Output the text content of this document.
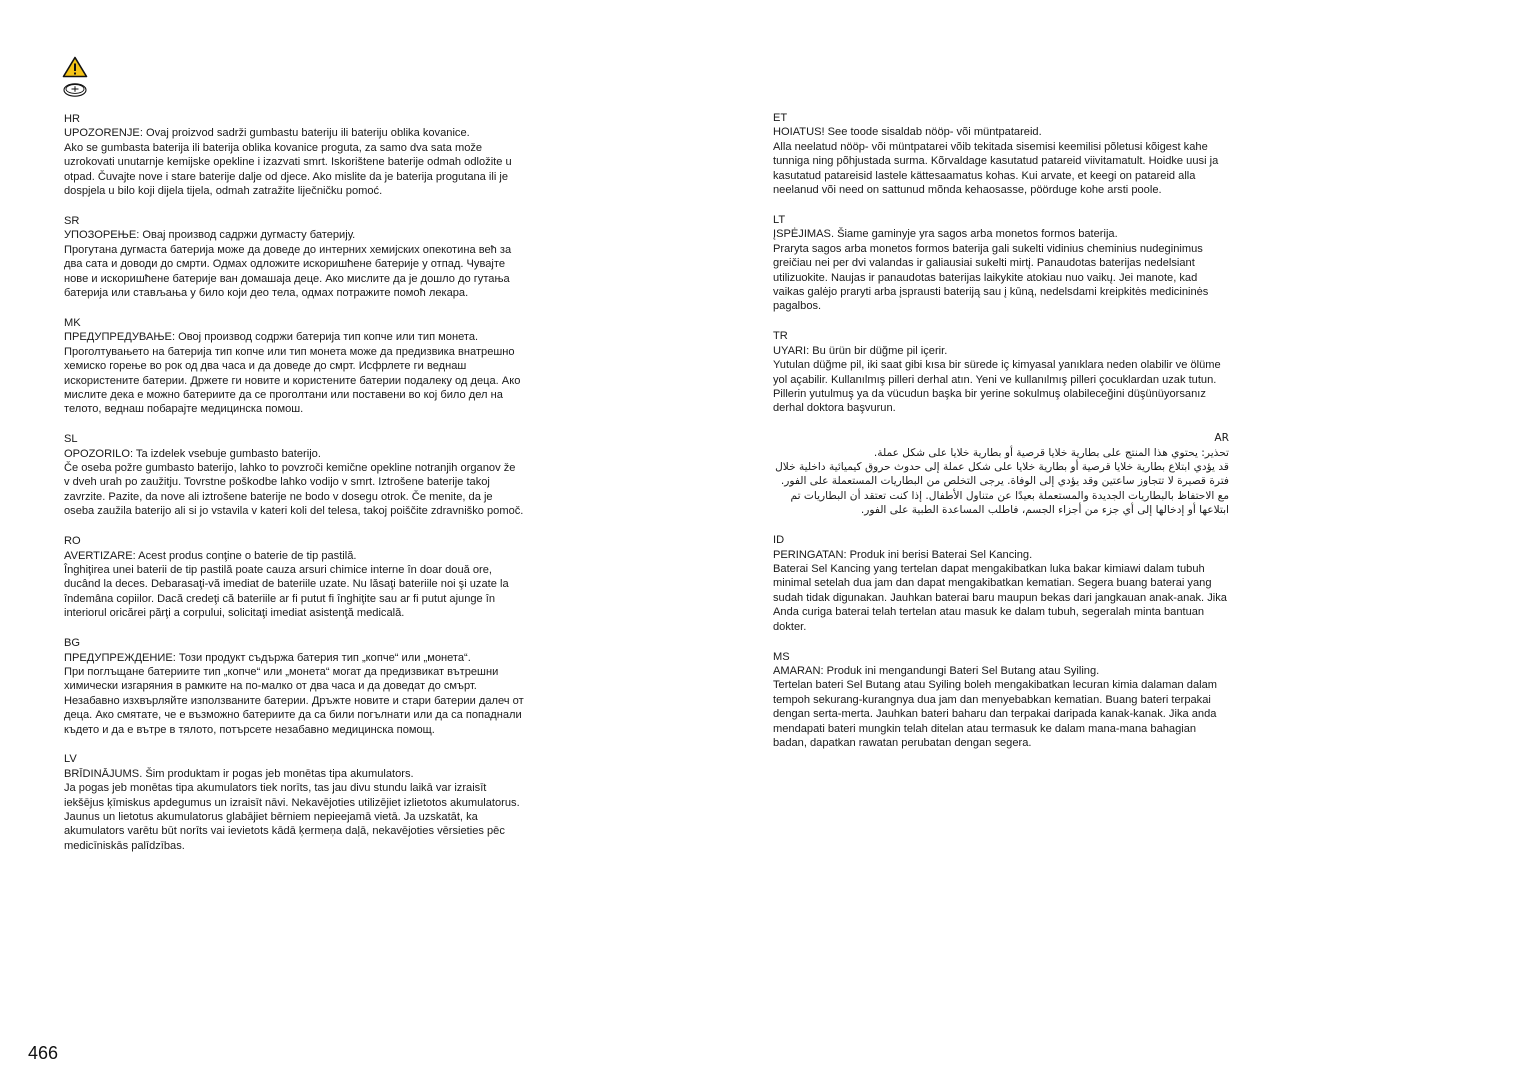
HR
UPOZORENJE: Ovaj proizvod sadrži gumbastu bateriju ili bateriju oblika kovanice.
Ako se gumbasta baterija ili baterija oblika kovanice proguta, za samo dva sata može uzrokovati unutarnje kemijske opekline i izazvati smrt. Iskorištene baterije odmah odložite u otpad. Čuvajte nove i stare baterije dalje od djece. Ako mislite da je baterija progutana ili je dospjela u bilo koji dijela tijela, odmah zatražite liječničku pomoć.
SR
УПОЗОРЕЊЕ: Овај производ садржи дугмасту батерију.
Прогутана дугмаста батерија може да доведе до интерних хемијских опекотина већ за два сата и доводи до смрти. Одмах одложите искоришћене батерије у отпад. Чувајте нове и искоришћене батерије ван домашаја деце. Ако мислите да је дошло до гутања батерија или стављања у било који део тела, одмах потражите помоћ лекара.
MK
ПРЕДУПРЕДУВАЊЕ: Овој производ содржи батерија тип копче или тип монета.
Проголтувањето на батерија тип копче или тип монета може да предизвика внатрешно хемиско горење во рок од два часа и да доведе до смрт. Исфрлете ги веднаш искористените батерии. Држете ги новите и користените батерии подалеку од деца. Ако мислите дека е можно батериите да се проголтани или поставени во кој било дел на телото, веднаш побарајте медицинска помош.
SL
OPOZORILO: Ta izdelek vsebuje gumbasto baterijo.
Če oseba požre gumbasto baterijo, lahko to povzroči kemične opekline notranjih organov že v dveh urah po zaužitju. Tovrstne poškodbe lahko vodijo v smrt. Iztrošene baterije takoj zavrzite. Pazite, da nove ali iztrošene baterije ne bodo v dosegu otrok. Če menite, da je oseba zaužila baterijo ali si jo vstavila v kateri koli del telesa, takoj poiščite zdravniško pomoč.
RO
AVERTIZARE: Acest produs conţine o baterie de tip pastilă.
Înghiţirea unei baterii de tip pastilă poate cauza arsuri chimice interne în doar două ore, ducând la deces. Debarasaţi-vă imediat de bateriile uzate. Nu lăsaţi bateriile noi şi uzate la îndemâna copiilor. Dacă credeţi că bateriile ar fi putut fi înghiţite sau ar fi putut ajunge în interiorul oricărei părţi a corpului, solicitaţi imediat asistenţă medicală.
BG
ПРЕДУПРЕЖДЕНИЕ: Този продукт съдържа батерия тип „копче“ или „монета“.
При поглъщане батериите тип „копче“ или „монета“ могат да предизвикат вътрешни химически изгаряния в рамките на по-малко от два часа и да доведат до смърт. Незабавно изхвърляйте използваните батерии. Дръжте новите и стари батерии далеч от деца. Ако смятате, че е възможно батериите да са били погълнати или да са попаднали където и да е вътре в тялото, потърсете незабавно медицинска помощ.
LV
BRĪDINĀJUMS. Šim produktam ir pogas jeb monētas tipa akumulators.
Ja pogas jeb monētas tipa akumulators tiek norīts, tas jau divu stundu laikā var izraisīt iekšējus ķīmiskus apdegumus un izraisīt nāvi. Nekavējoties utilizējiet izlietotos akumulatorus. Jaunus un lietotus akumulatorus glabājiet bērniem nepieejamā vietā. Ja uzskatāt, ka akumulators varētu būt norīts vai ievietots kādā ķermeņa daļā, nekavējoties vērsieties pēc medicīniskās palīdzības.
ET
HOIATUS! See toode sisaldab nööp- või müntpatareid.
Alla neelatud nööp- või müntpatarei võib tekitada sisemisi keemilisi põletusi kõigest kahe tunniga ning põhjustada surma. Kõrvaldage kasutatud patareid viivitamatult. Hoidke uusi ja kasutatud patareisid lastele kättesaamatus kohas. Kui arvate, et keegi on patareid alla neelanud või need on sattunud mõnda kehaosasse, pöörduge kohe arsti poole.
LT
ĮSPĖJIMAS. Šiame gaminyje yra sagos arba monetos formos baterija.
Praryta sagos arba monetos formos baterija gali sukelti vidinius cheminius nudeginimus greičiau nei per dvi valandas ir galiausiai sukelti mirtį. Panaudotas baterijas nedelsiant utilizuokite. Naujas ir panaudotas baterijas laikykite atokiau nuo vaikų. Jei manote, kad vaikas galėjo praryti arba įsprausti bateriją sau į kūną, nedelsdami kreipkitės medicininės pagalbos.
TR
UYARI: Bu ürün bir düğme pil içerir.
Yutulan düğme pil, iki saat gibi kısa bir sürede iç kimyasal yanıklara neden olabilir ve ölüme yol açabilir. Kullanılmış pilleri derhal atın. Yeni ve kullanılmış pilleri çocuklardan uzak tutun. Pillerin yutulmuş ya da vücudun başka bir yerine sokulmuş olabileceğini düşünüyorsanız derhal doktora başvurun.
AR
تحذير: يحتوي هذا المنتج على بطارية خلايا قرصية أو بطارية خلايا على شكل عملة.
قد يؤدي ابتلاع بطارية خلايا قرصية أو بطارية خلايا على شكل عملة إلى حدوث حروق كيميائية داخلية خلال فترة قصيرة لا تتجاوز ساعتين وقد يؤدي إلى الوفاة. يرجى التخلص من البطاريات المستعملة على الفور. مع الاحتفاظ بالبطاريات الجديدة والمستعملة بعيدًا عن متناول الأطفال. إذا كنت تعتقد أن البطاريات تم ابتلاعها أو إدخالها إلى أي جزء من أجزاء الجسم، فاطلب المساعدة الطبية على الفور.
ID
PERINGATAN: Produk ini berisi Baterai Sel Kancing.
Baterai Sel Kancing yang tertelan dapat mengakibatkan luka bakar kimiawi dalam tubuh minimal setelah dua jam dan dapat mengakibatkan kematian. Segera buang baterai yang sudah tidak digunakan. Jauhkan baterai baru maupun bekas dari jangkauan anak-anak. Jika Anda curiga baterai telah tertelan atau masuk ke dalam tubuh, segeralah minta bantuan dokter.
MS
AMARAN: Produk ini mengandungi Bateri Sel Butang atau Syiling.
Tertelan bateri Sel Butang atau Syiling boleh mengakibatkan lecuran kimia dalaman dalam tempoh sekurang-kurangnya dua jam dan menyebabkan kematian. Buang bateri terpakai dengan serta-merta. Jauhkan bateri baharu dan terpakai daripada kanak-kanak. Jika anda mendapati bateri mungkin telah ditelan atau termasuk ke dalam mana-mana bahagian badan, dapatkan rawatan perubatan dengan segera.
466
